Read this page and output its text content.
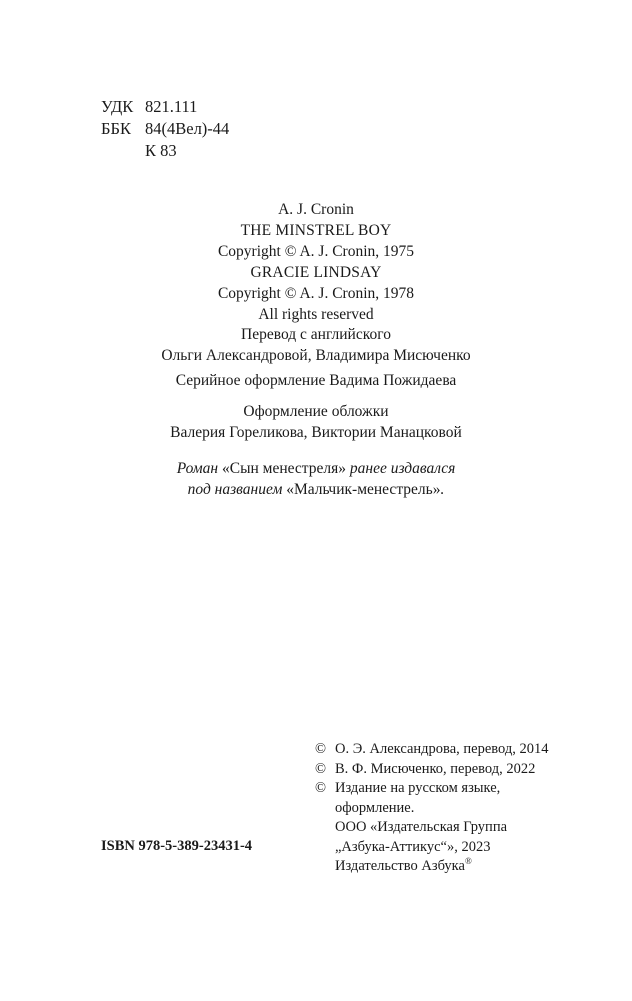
УДК 821.111
ББК 84(4Вел)-44
К 83
A. J. Cronin
THE MINSTREL BOY
Copyright © A. J. Cronin, 1975
GRACIE LINDSAY
Copyright © A. J. Cronin, 1978
All rights reserved
Перевод с английского
Ольги Александровой, Владимира Мисюченко
Серийное оформление Вадима Пожидаева
Оформление обложки
Валерия Гореликова, Виктории Манацковой
Роман «Сын менестреля» ранее издавался
под названием «Мальчик-менестрель».
© О. Э. Александрова, перевод, 2014
© В. Ф. Мисюченко, перевод, 2022
© Издание на русском языке,
оформление.
ООО «Издательская Группа
„Азбука-Аттикус“», 2023
Издательство Азбука®
ISBN 978-5-389-23431-4
